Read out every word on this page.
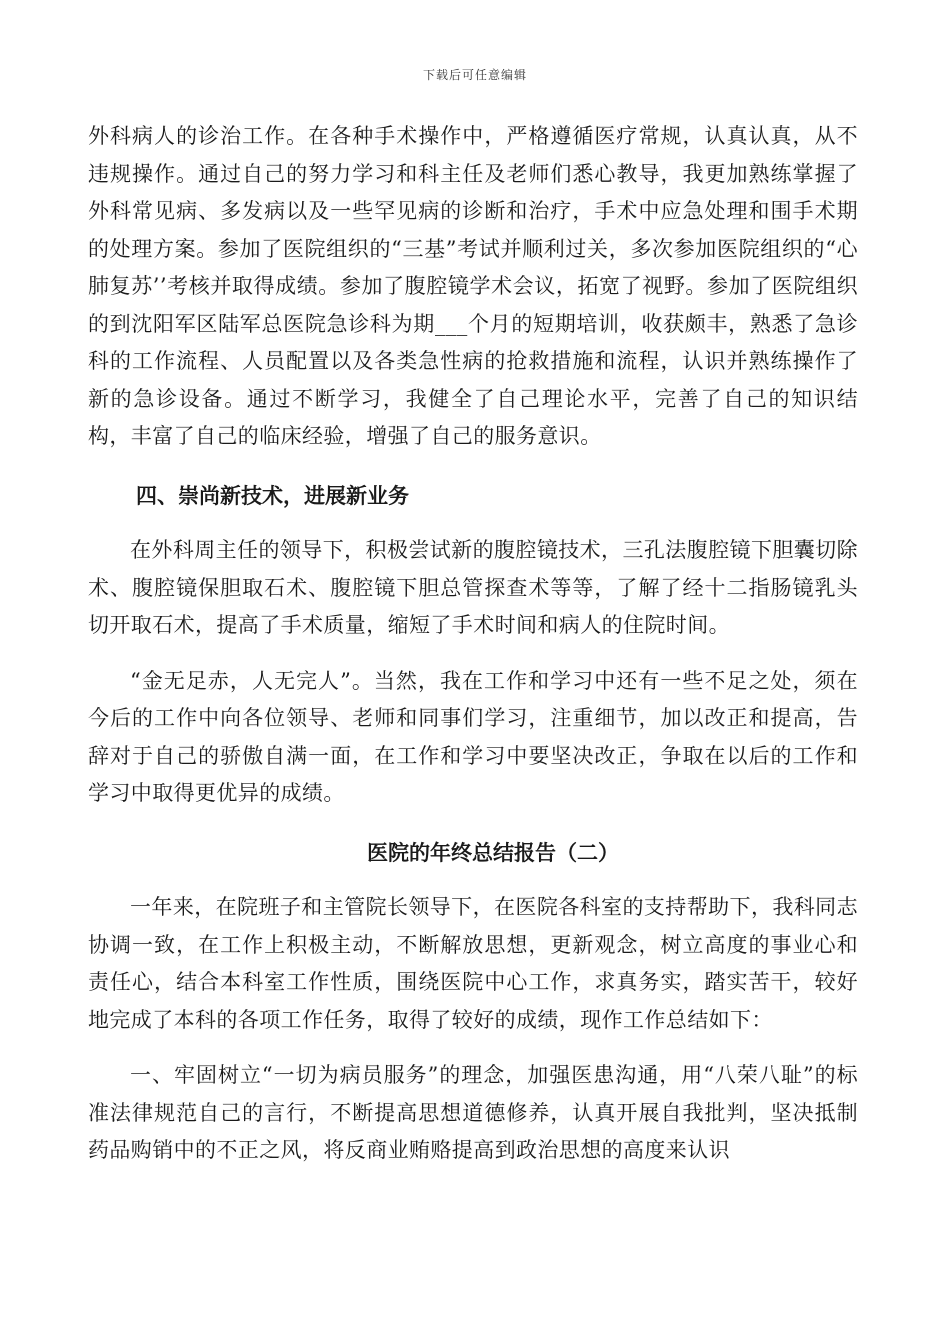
下载后可任意编辑

外科病人的诊治工作。在各种手术操作中，严格遵循医疗常规，认真认真，从不违规操作。通过自己的努力学习和科主任及老师们悉心教导，我更加熟练掌握了外科常见病、多发病以及一些罕见病的诊断和治疗，手术中应急处理和围手术期的处理方案。参加了医院组织的“三基”考试并顺利过关，多次参加医院组织的“心肺复苏’’考核并取得成绩。参加了腹腔镜学术会议，拓宽了视野。参加了医院组织的到沈阳军区陆军总医院急诊科为期___个月的短期培训，收获颇丰，熟悉了急诊科的工作流程、人员配置以及各类急性病的抢救措施和流程，认识并熟练操作了新的急诊设备。通过不断学习，我健全了自己理论水平，完善了自己的知识结构，丰富了自己的临床经验，增强了自己的服务意识。

四、崇尚新技术，进展新业务

在外科周主任的领导下，积极尝试新的腹腔镜技术，三孔法腹腔镜下胆囊切除术、腹腔镜保胆取石术、腹腔镜下胆总管探查术等等，了解了经十二指肠镜乳头切开取石术，提高了手术质量，缩短了手术时间和病人的住院时间。

“金无足赤，人无完人”。当然，我在工作和学习中还有一些不足之处，须在今后的工作中向各位领导、老师和同事们学习，注重细节，加以改正和提高，告辞对于自己的骄傲自满一面，在工作和学习中要坚决改正，争取在以后的工作和学习中取得更优异的成绩。

医院的年终总结报告（二）

一年来，在院班子和主管院长领导下，在医院各科室的支持帮助下，我科同志协调一致，在工作上积极主动，不断解放思想，更新观念，树立高度的事业心和责任心，结合本科室工作性质，围绕医院中心工作，求真务实，踏实苦干，较好地完成了本科的各项工作任务，取得了较好的成绩，现作工作总结如下：

一、牢固树立“一切为病员服务”的理念，加强医患沟通，用“八荣八耻”的标准法律规范自己的言行，不断提高思想道德修养，认真开展自我批判，坚决抵制药品购销中的不正之风，将反商业贿赂提高到政治思想的高度来认识
